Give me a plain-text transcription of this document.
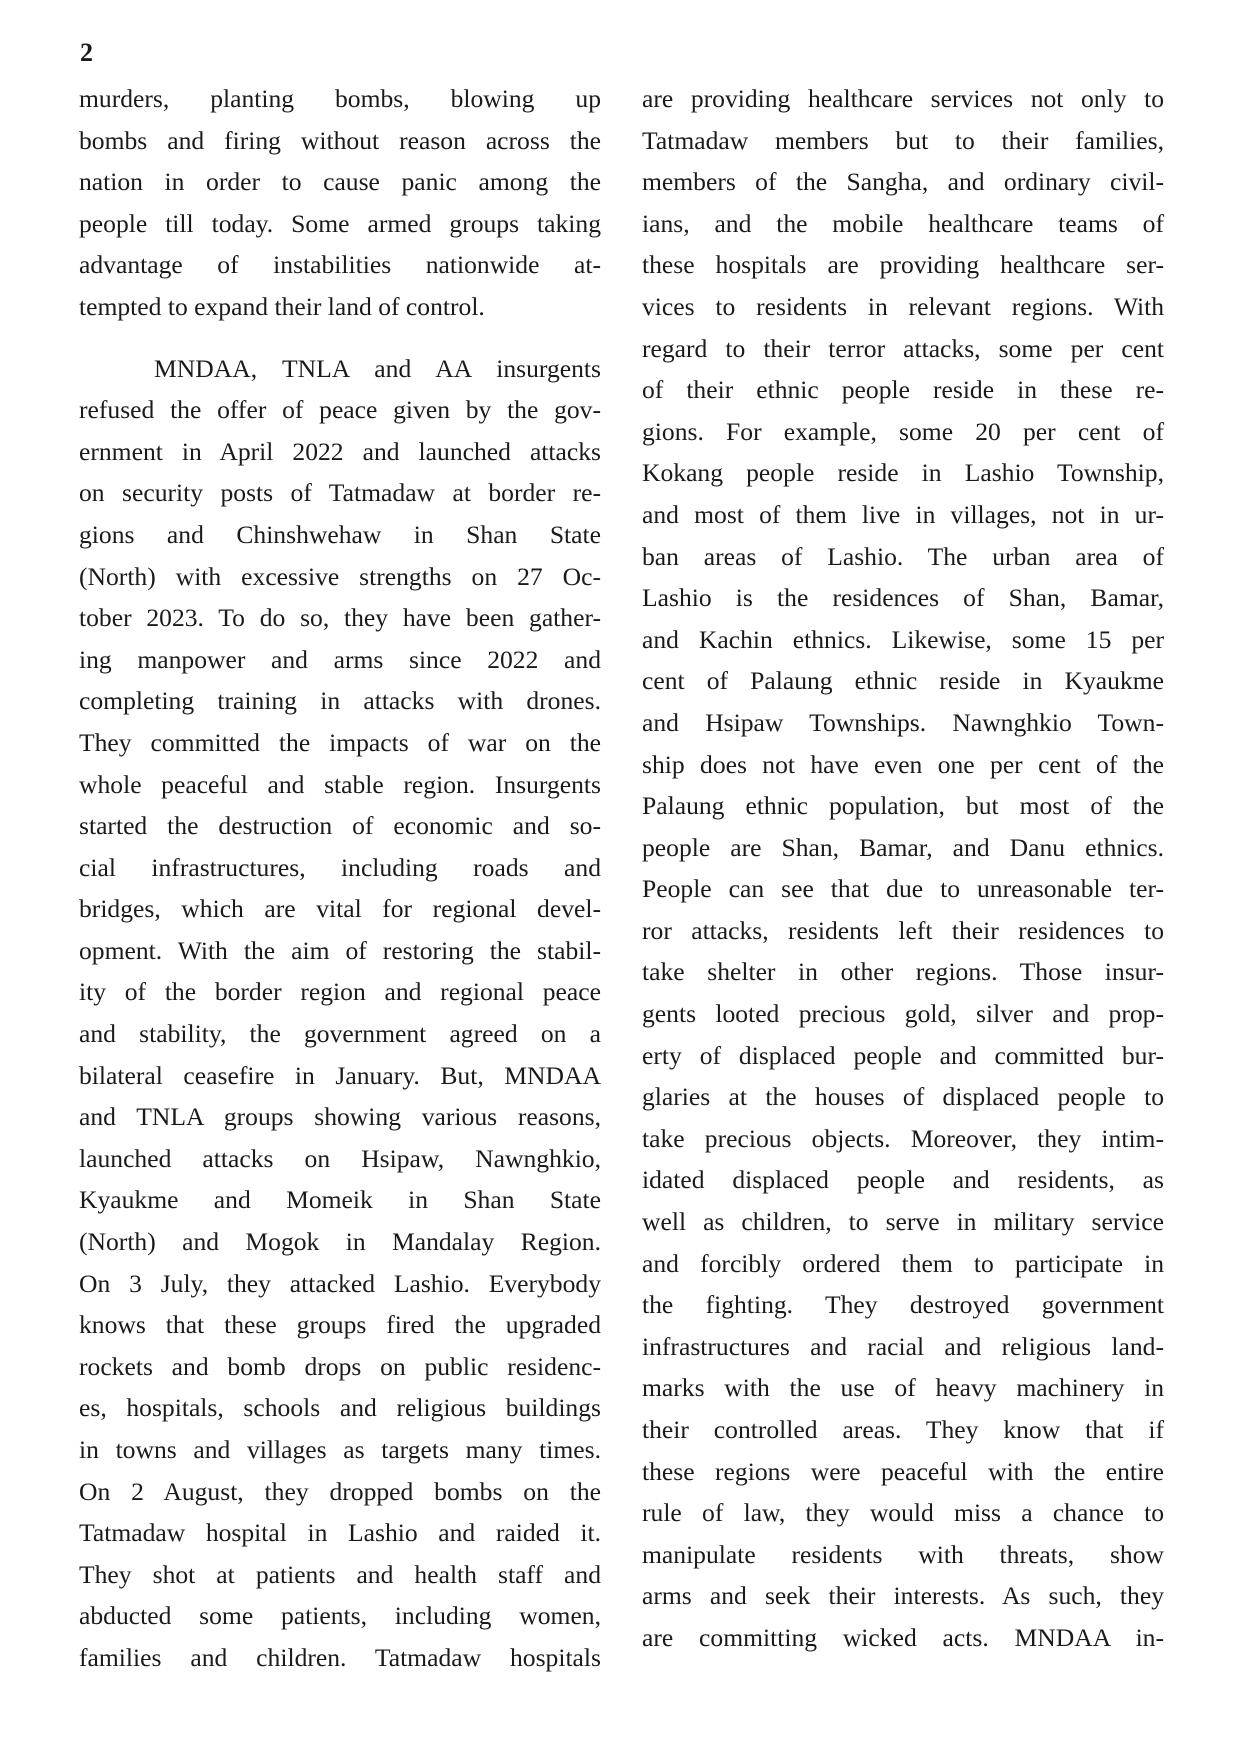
2
murders, planting bombs, blowing up
bombs and firing without reason across the
nation in order to cause panic among the
people till today. Some armed groups taking
advantage of instabilities nationwide at-
tempted to expand their land of control.
MNDAA, TNLA and AA insurgents
refused the offer of peace given by the gov-
ernment in April 2022 and launched attacks
on security posts of Tatmadaw at border re-
gions and Chinshwehaw in Shan State
(North) with excessive strengths on 27 Oc-
tober 2023. To do so, they have been gather-
ing manpower and arms since 2022 and
completing training in attacks with drones.
They committed the impacts of war on the
whole peaceful and stable region. Insurgents
started the destruction of economic and so-
cial infrastructures, including roads and
bridges, which are vital for regional devel-
opment. With the aim of restoring the stabil-
ity of the border region and regional peace
and stability, the government agreed on a
bilateral ceasefire in January. But, MNDAA
and TNLA groups showing various reasons,
launched attacks on Hsipaw, Nawnghkio,
Kyaukme and Momeik in Shan State
(North) and Mogok in Mandalay Region.
On 3 July, they attacked Lashio. Everybody
knows that these groups fired the upgraded
rockets and bomb drops on public residenc-
es, hospitals, schools and religious buildings
in towns and villages as targets many times.
On 2 August, they dropped bombs on the
Tatmadaw hospital in Lashio and raided it.
They shot at patients and health staff and
abducted some patients, including women,
families and children. Tatmadaw hospitals
are providing healthcare services not only to
Tatmadaw members but to their families,
members of the Sangha, and ordinary civil-
ians, and the mobile healthcare teams of
these hospitals are providing healthcare ser-
vices to residents in relevant regions. With
regard to their terror attacks, some per cent
of their ethnic people reside in these re-
gions. For example, some 20 per cent of
Kokang people reside in Lashio Township,
and most of them live in villages, not in ur-
ban areas of Lashio. The urban area of
Lashio is the residences of Shan, Bamar,
and Kachin ethnics. Likewise, some 15 per
cent of Palaung ethnic reside in Kyaukme
and Hsipaw Townships. Nawnghkio Town-
ship does not have even one per cent of the
Palaung ethnic population, but most of the
people are Shan, Bamar, and Danu ethnics.
People can see that due to unreasonable ter-
ror attacks, residents left their residences to
take shelter in other regions. Those insur-
gents looted precious gold, silver and prop-
erty of displaced people and committed bur-
glaries at the houses of displaced people to
take precious objects. Moreover, they intim-
idated displaced people and residents, as
well as children, to serve in military service
and forcibly ordered them to participate in
the fighting. They destroyed government
infrastructures and racial and religious land-
marks with the use of heavy machinery in
their controlled areas. They know that if
these regions were peaceful with the entire
rule of law, they would miss a chance to
manipulate residents with threats, show
arms and seek their interests. As such, they
are committing wicked acts. MNDAA in-
